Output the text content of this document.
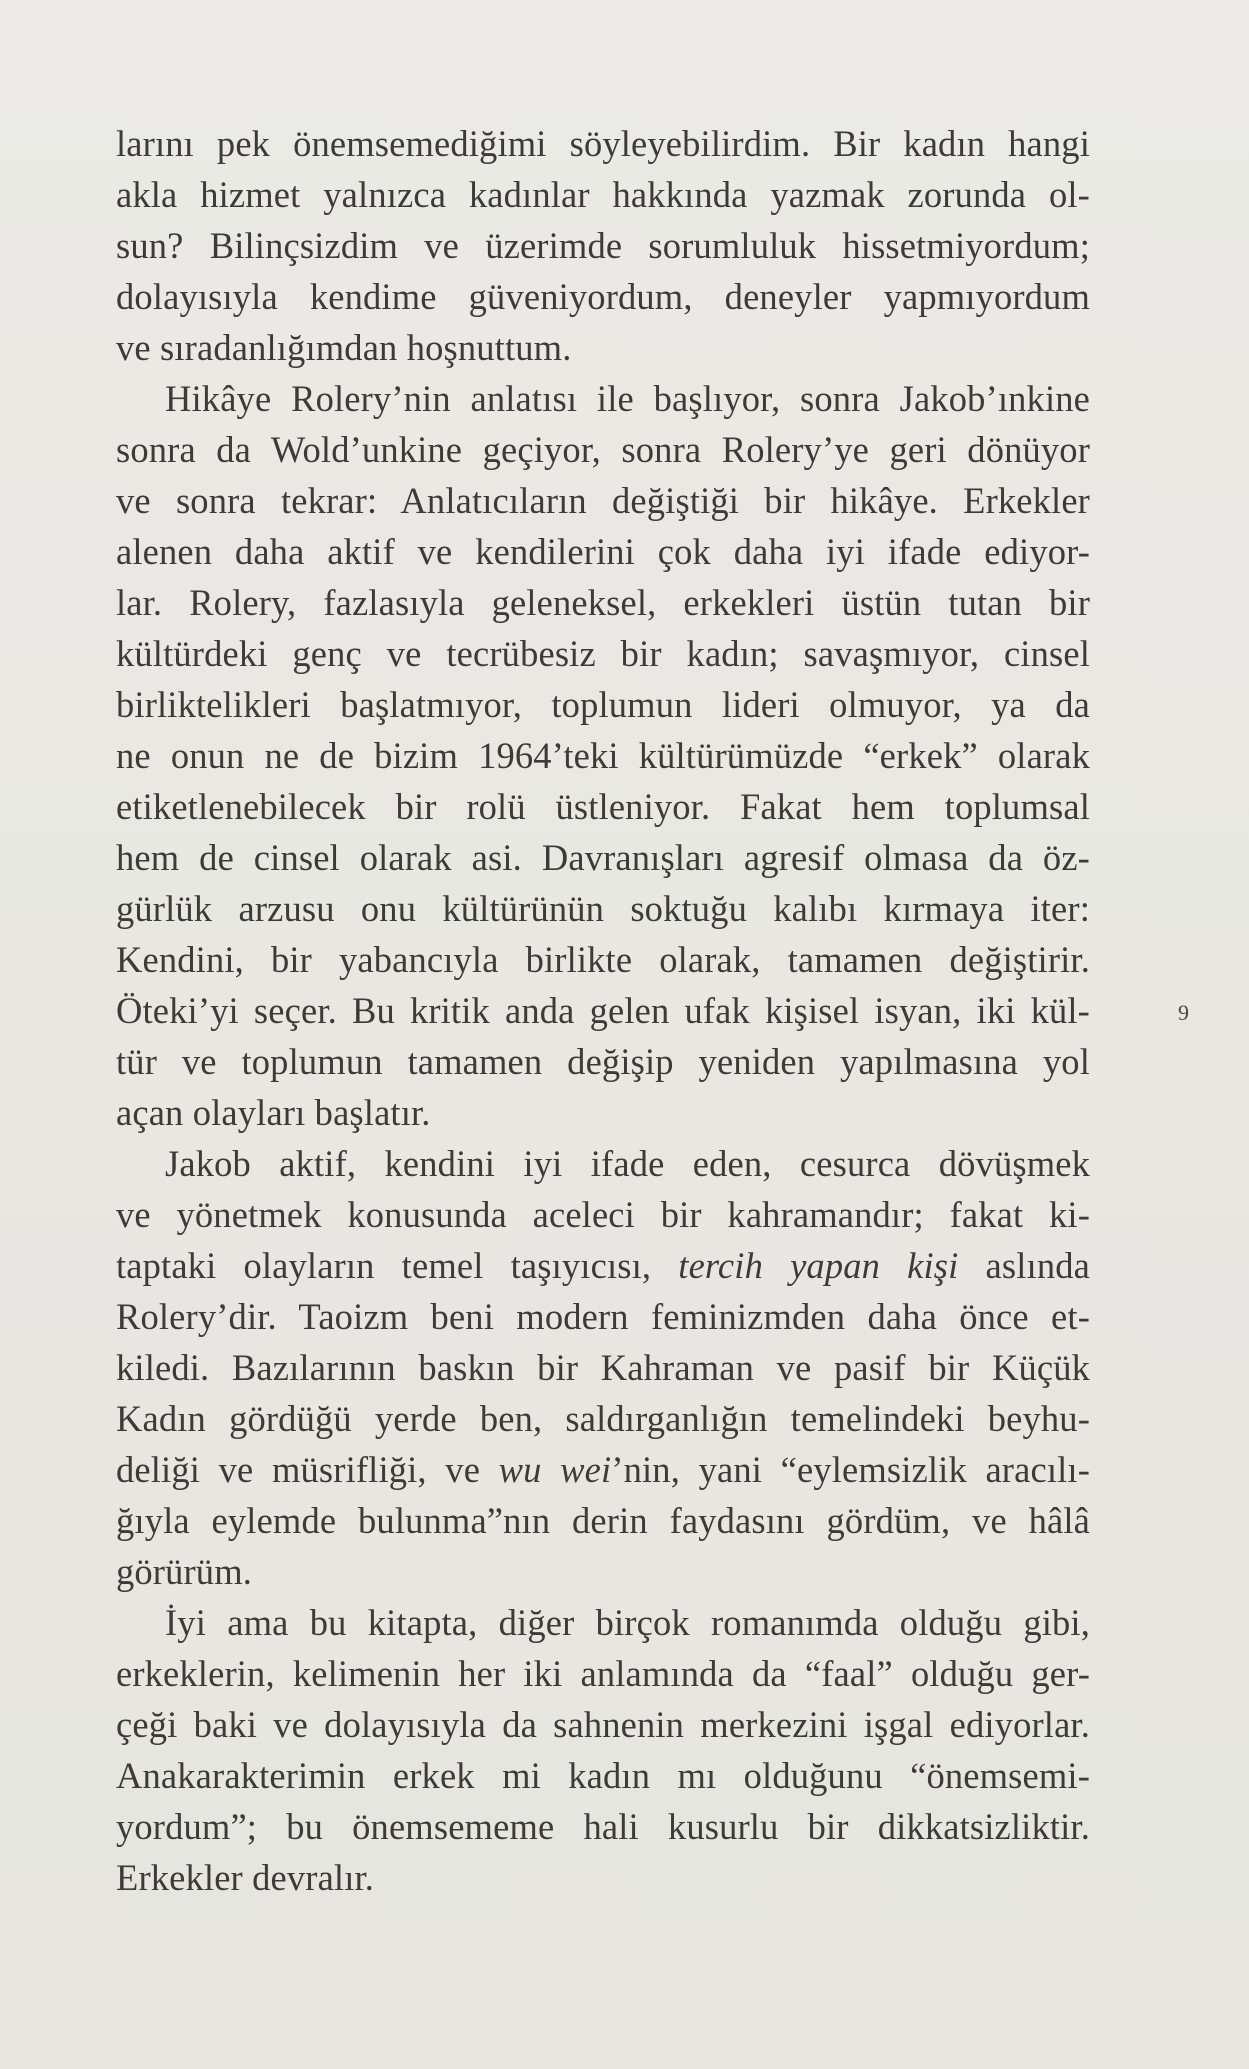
larını pek önemsemediğimi söyleyebilirdim. Bir kadın hangi
akla hizmet yalnızca kadınlar hakkında yazmak zorunda ol-
sun? Bilinçsizdim ve üzerimde sorumluluk hissetmiyordum;
dolayısıyla kendime güveniyordum, deneyler yapmıyordum
ve sıradanlığımdan hoşnuttum.
Hikâye Rolery’nin anlatısı ile başlıyor, sonra Jakob’ınkine
sonra da Wold’unkine geçiyor, sonra Rolery’ye geri dönüyor
ve sonra tekrar: Anlatıcıların değiştiği bir hikâye. Erkekler
alenen daha aktif ve kendilerini çok daha iyi ifade ediyor-
lar. Rolery, fazlasıyla geleneksel, erkekleri üstün tutan bir
kültürdeki genç ve tecrübesiz bir kadın; savaşmıyor, cinsel
birliktelikleri başlatmıyor, toplumun lideri olmuyor, ya da
ne onun ne de bizim 1964’teki kültürümüzde “erkek” olarak
etiketlenebilecek bir rolü üstleniyor. Fakat hem toplumsal
hem de cinsel olarak asi. Davranışları agresif olmasa da öz-
gürlük arzusu onu kültürünün soktuğu kalıbı kırmaya iter:
Kendini, bir yabancıyla birlikte olarak, tamamen değiştirir.
Öteki’yi seçer. Bu kritik anda gelen ufak kişisel isyan, iki kül-
tür ve toplumun tamamen değişip yeniden yapılmasına yol
açan olayları başlatır.
Jakob aktif, kendini iyi ifade eden, cesurca dövüşmek
ve yönetmek konusunda aceleci bir kahramandır; fakat ki-
taptaki olayların temel taşıyıcısı, tercih yapan kişi aslında
Rolery’dir. Taoizm beni modern feminizmden daha önce et-
kiledi. Bazılarının baskın bir Kahraman ve pasif bir Küçük
Kadın gördüğü yerde ben, saldırganlığın temelindeki beyhu-
deliği ve müsrifliği, ve wu wei’nin, yani “eylemsizlik aracılı-
ğıyla eylemde bulunma”nın derin faydasını gördüm, ve hâlâ
görürüm.
İyi ama bu kitapta, diğer birçok romanımda olduğu gibi,
erkeklerin, kelimenin her iki anlamında da “faal” olduğu ger-
çeği baki ve dolayısıyla da sahnenin merkezini işgal ediyorlar.
Anakarakterimin erkek mi kadın mı olduğunu “önemsemi-
yordum”; bu önemsememe hali kusurlu bir dikkatsizliktir.
Erkekler devralır.
9
